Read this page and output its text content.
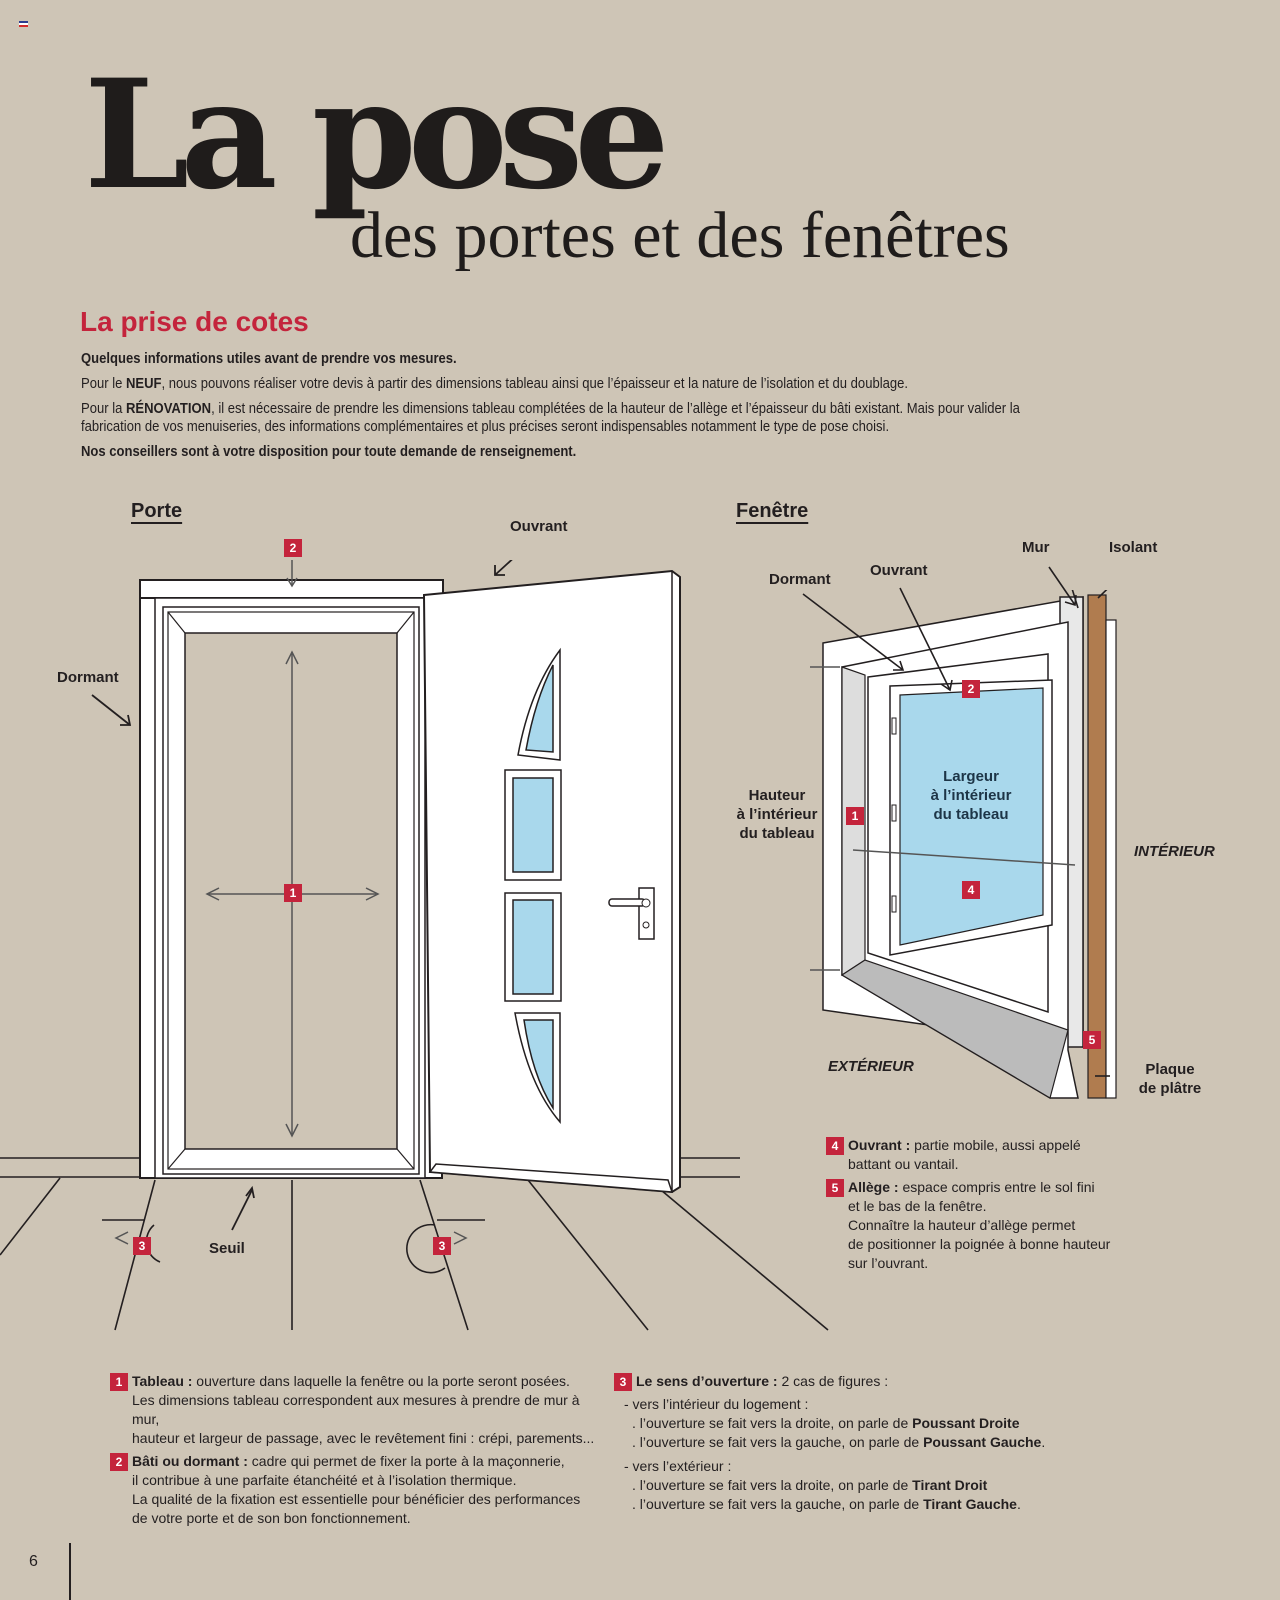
La pose
des portes et des fenêtres
La prise de cotes

Quelques informations utiles avant de prendre vos mesures.

Pour le NEUF, nous pouvons réaliser votre devis à partir des dimensions tableau ainsi que l’épaisseur et la nature de l’isolation et du doublage.

Pour la RÉNOVATION, il est nécessaire de prendre les dimensions tableau complétées de la hauteur de l’allège et l’épaisseur du bâti existant. Mais pour valider la fabrication de vos menuiseries, des informations complémentaires et plus précises seront indispensables notamment le type de pose choisi.

Nos conseillers sont à votre disposition pour toute demande de renseignement.

Porte
Ouvrant
Dormant
Seuil
2
1
3	3
Fenêtre
Dormant
Ouvrant
Mur	Isolant
Hauteur
à l’intérieur
du tableau
Largeur
à l’intérieur
du tableau
INTÉRIEUR
EXTÉRIEUR	Plaque
de plâtre
2
1
4
5
4 Ouvrant : partie mobile, aussi appelé
battant ou vantail.
5 Allège : espace compris entre le sol fini
et le bas de la fenêtre.
Connaître la hauteur d’allège permet
de positionner la poignée à bonne hauteur
sur l’ouvrant.
1 Tableau : ouverture dans laquelle la fenêtre ou la porte seront posées.
Les dimensions tableau correspondent aux mesures à prendre de mur à mur,
hauteur et largeur de passage, avec le revêtement fini : crépi, parements...
2 Bâti ou dormant : cadre qui permet de fixer la porte à la maçonnerie,
il contribue à une parfaite étanchéité et à l’isolation thermique.
La qualité de la fixation est essentielle pour bénéficier des performances
de votre porte et de son bon fonctionnement.
3 Le sens d’ouverture : 2 cas de figures :
- vers l’intérieur du logement :
. l’ouverture se fait vers la droite, on parle de Poussant Droite
. l’ouverture se fait vers la gauche, on parle de Poussant Gauche.
- vers l’extérieur :
. l’ouverture se fait vers la droite, on parle de Tirant Droit
. l’ouverture se fait vers la gauche, on parle de Tirant Gauche.
6
